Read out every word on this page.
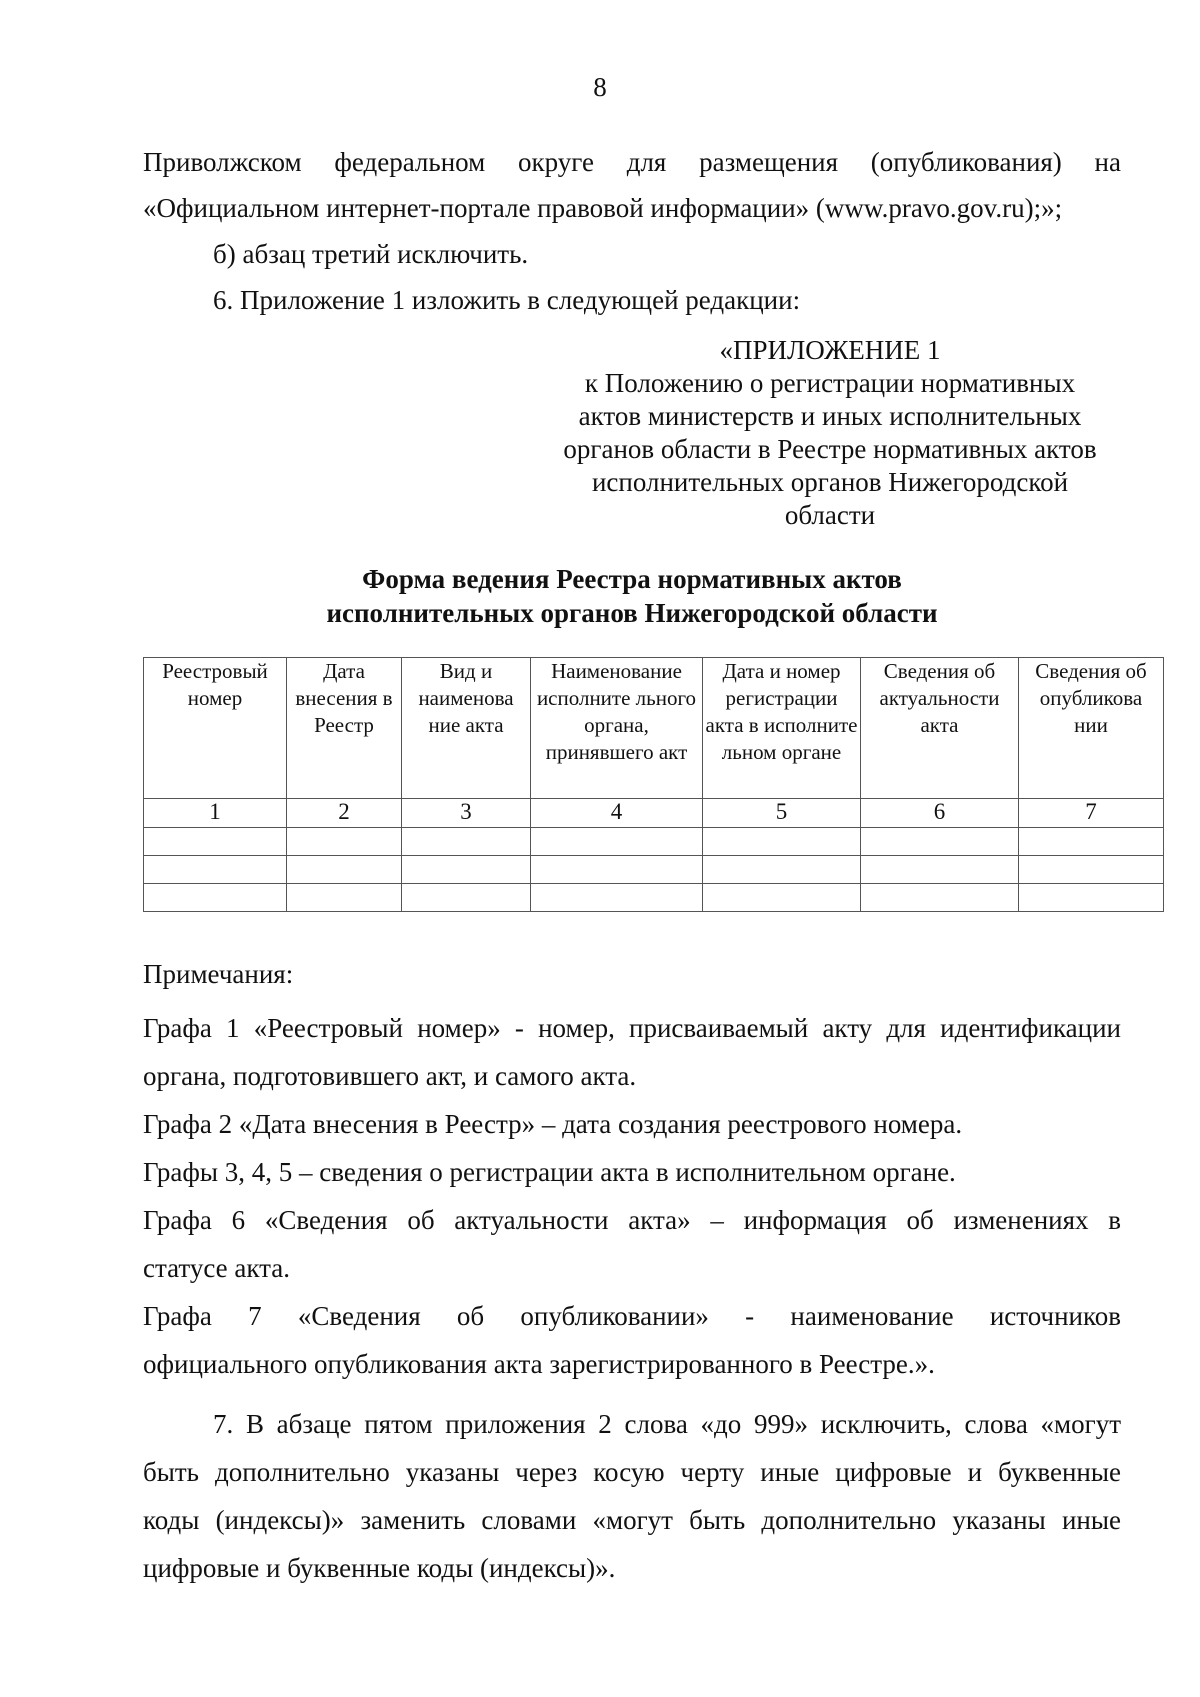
8

Приволжском федеральном округе для размещения (опубликования) на

«Официальном интернет-портале правовой информации» (www.pravo.gov.ru);»;

б) абзац третий исключить.

6. Приложение 1 изложить в следующей редакции:

«ПРИЛОЖЕНИЕ 1
к Положению о регистрации нормативных
актов министерств и иных исполнительных
органов области в Реестре нормативных актов
исполнительных органов Нижегородской
области
Форма ведения Реестра нормативных актов
исполнительных органов Нижегородской области
Реестровый номер	Дата внесения в Реестр	Вид и наименова ние акта	Наименование исполните льного органа, принявшего акт	Дата и номер регистрации акта в исполните льном органе	Сведения об актуальности акта	Сведения об опубликова нии
1	2	3	4	5	6	7

Примечания:

Графа 1 «Реестровый номер» - номер, присваиваемый акту для идентификации

органа, подготовившего акт, и самого акта.

Графа 2 «Дата внесения в Реестр» – дата создания реестрового номера.

Графы 3, 4, 5 – сведения о регистрации акта в исполнительном органе.

Графа 6 «Сведения об актуальности акта» – информация об изменениях в

статусе акта.

Графа 7 «Сведения об опубликовании» - наименование источников

официального опубликования акта зарегистрированного в Реестре.».

7. В абзаце пятом приложения 2 слова «до 999» исключить, слова «могут

быть дополнительно указаны через косую черту иные цифровые и буквенные

коды (индексы)» заменить словами «могут быть дополнительно указаны иные

цифровые и буквенные коды (индексы)».
